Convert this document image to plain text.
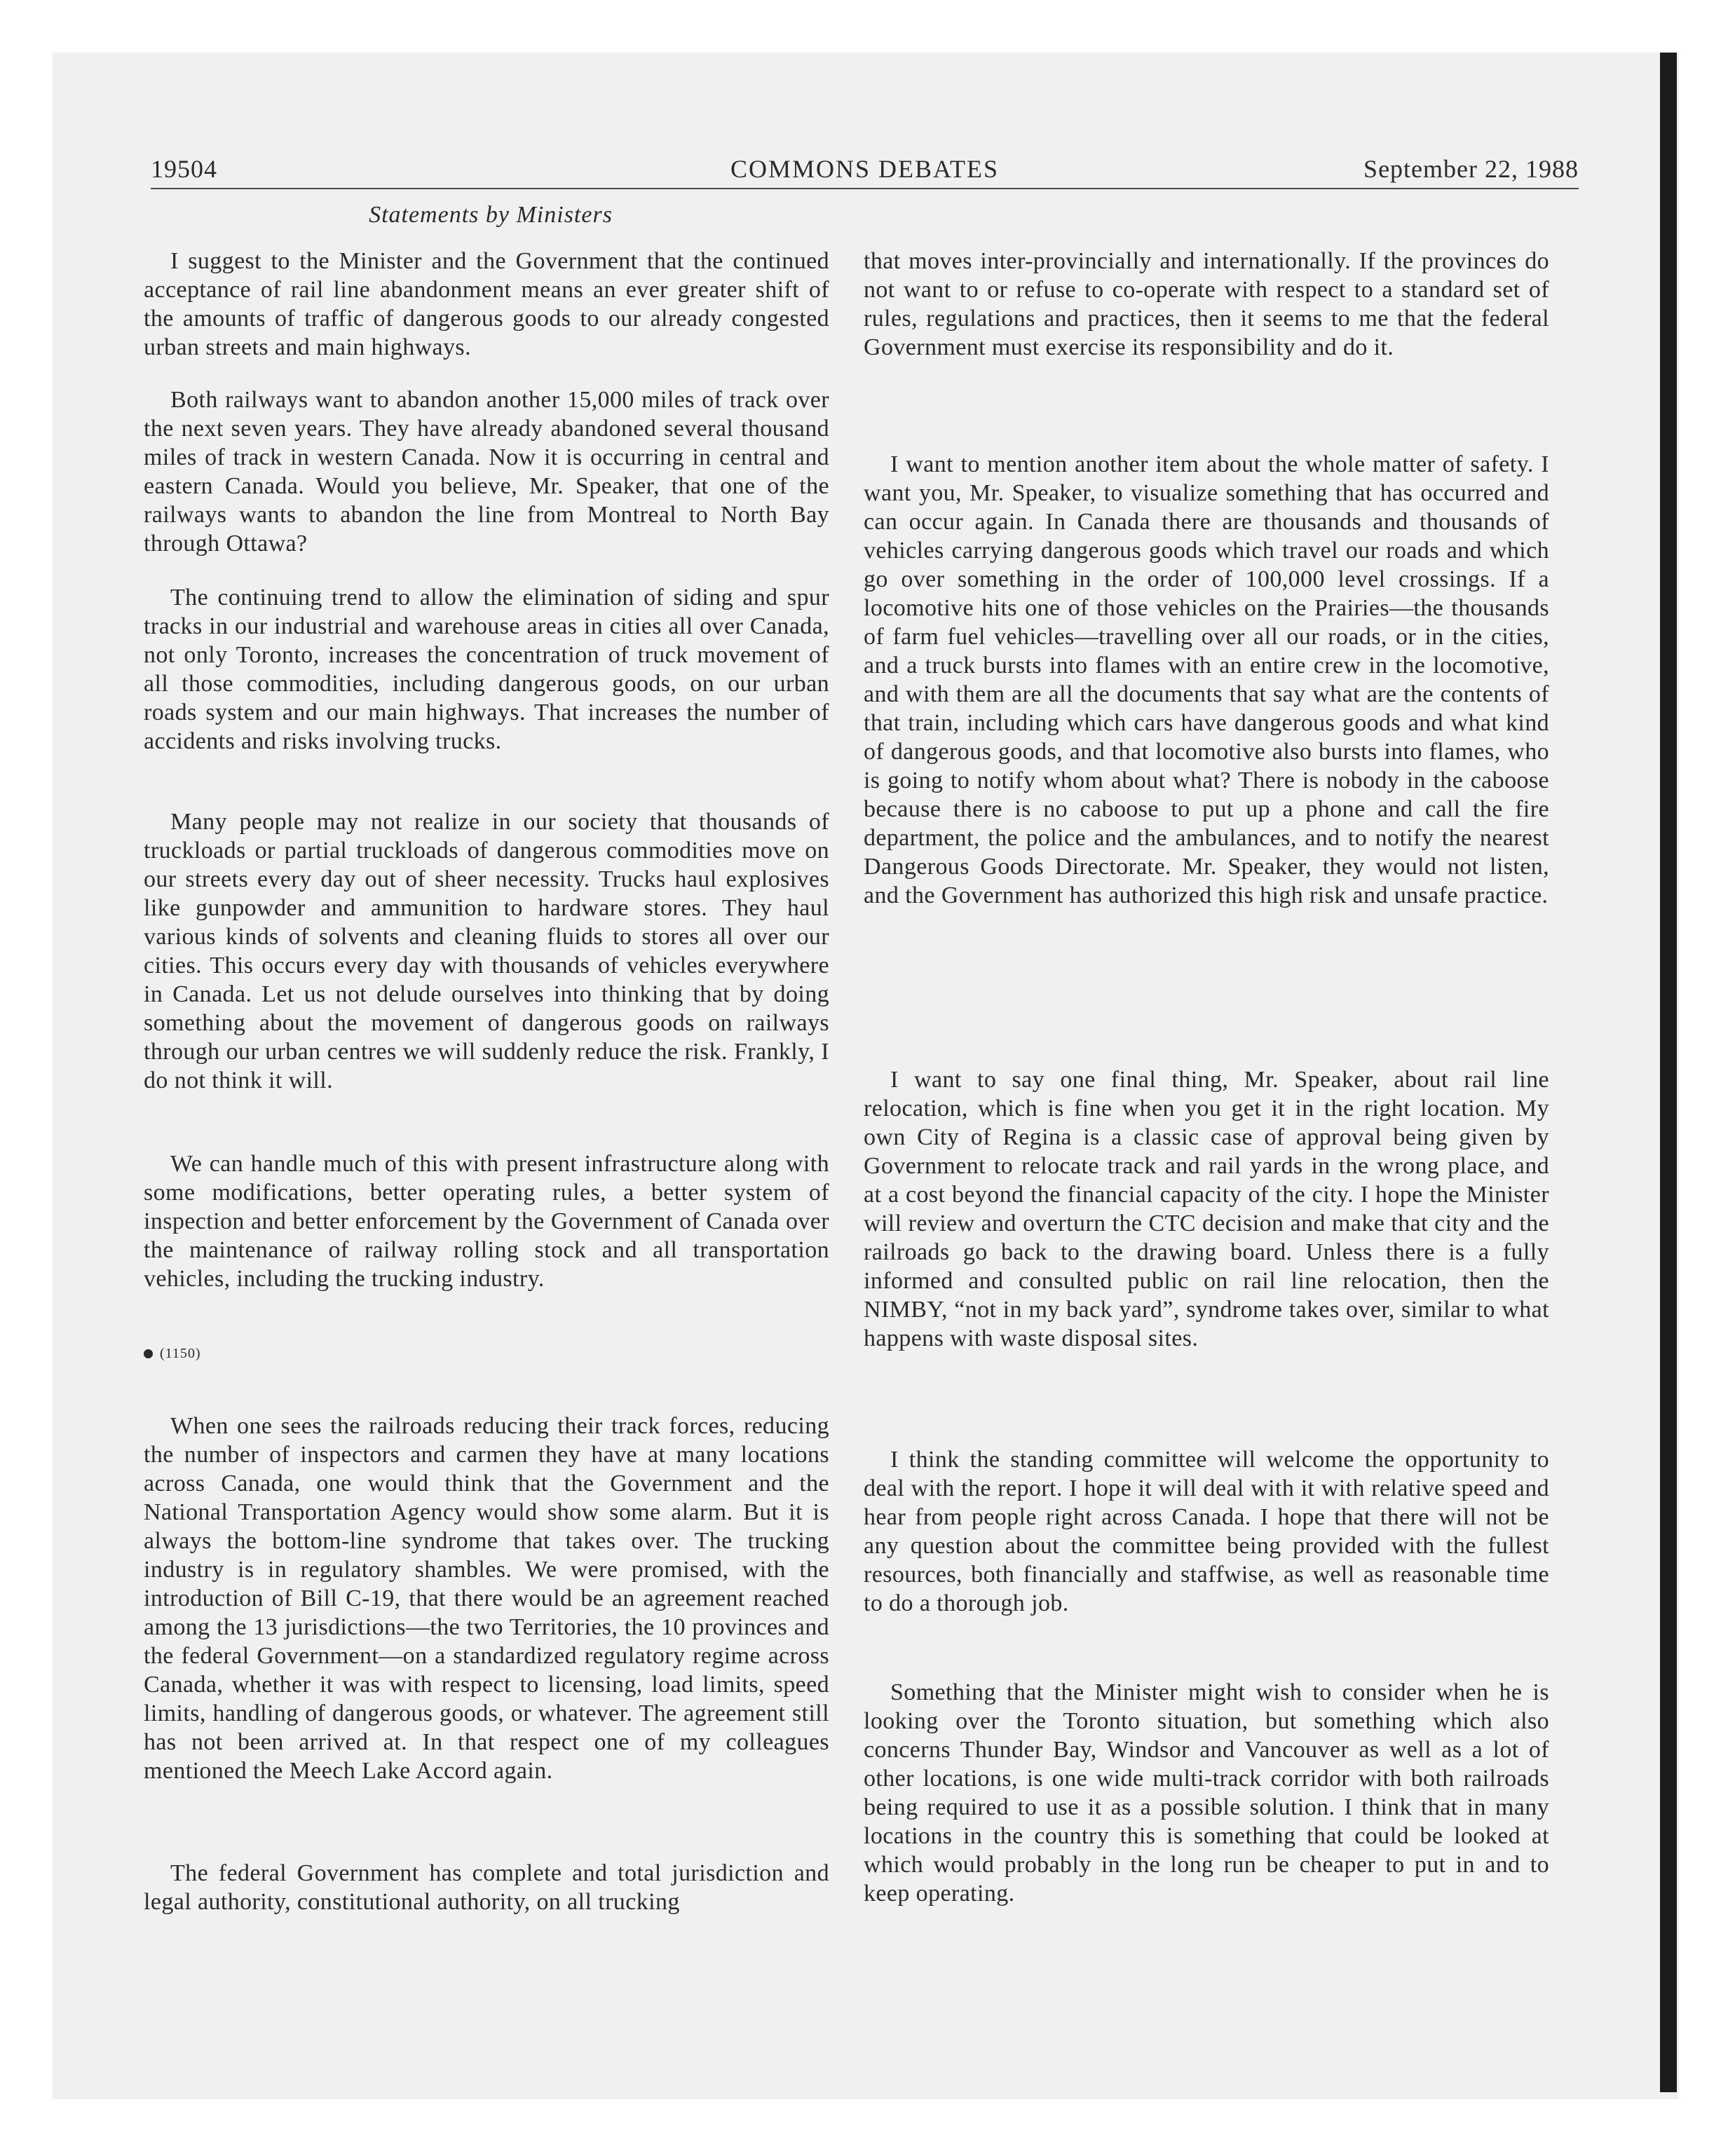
19504	COMMONS DEBATES	September 22, 1988
Statements by Ministers

I suggest to the Minister and the Government that the continued acceptance of rail line abandonment means an ever greater shift of the amounts of traffic of dangerous goods to our already congested urban streets and main highways.

Both railways want to abandon another 15,000 miles of track over the next seven years. They have already abandoned several thousand miles of track in western Canada. Now it is occurring in central and eastern Canada. Would you believe, Mr. Speaker, that one of the railways wants to abandon the line from Montreal to North Bay through Ottawa?

The continuing trend to allow the elimination of siding and spur tracks in our industrial and warehouse areas in cities all over Canada, not only Toronto, increases the concentration of truck movement of all those commodities, including dangerous goods, on our urban roads system and our main highways. That increases the number of accidents and risks involving trucks.

Many people may not realize in our society that thousands of truckloads or partial truckloads of dangerous commodities move on our streets every day out of sheer necessity. Trucks haul explosives like gunpowder and ammunition to hardware stores. They haul various kinds of solvents and cleaning fluids to stores all over our cities. This occurs every day with thousands of vehicles everywhere in Canada. Let us not delude ourselves into thinking that by doing something about the movement of dangerous goods on railways through our urban centres we will suddenly reduce the risk. Frankly, I do not think it will.

We can handle much of this with present infrastructure along with some modifications, better operating rules, a better system of inspection and better enforcement by the Government of Canada over the maintenance of railway rolling stock and all transportation vehicles, including the trucking industry.

(1150)

When one sees the railroads reducing their track forces, reducing the number of inspectors and carmen they have at many locations across Canada, one would think that the Government and the National Transportation Agency would show some alarm. But it is always the bottom-line syndrome that takes over. The trucking industry is in regulatory shambles. We were promised, with the introduction of Bill C-19, that there would be an agreement reached among the 13 jurisdictions—the two Territories, the 10 provinces and the federal Government—on a standardized regulatory regime across Canada, whether it was with respect to licensing, load limits, speed limits, handling of dangerous goods, or whatever. The agreement still has not been arrived at. In that respect one of my colleagues mentioned the Meech Lake Accord again.

The federal Government has complete and total jurisdiction and legal authority, constitutional authority, on all trucking

that moves inter-provincially and internationally. If the provinces do not want to or refuse to co-operate with respect to a standard set of rules, regulations and practices, then it seems to me that the federal Government must exercise its responsibility and do it.

I want to mention another item about the whole matter of safety. I want you, Mr. Speaker, to visualize something that has occurred and can occur again. In Canada there are thousands and thousands of vehicles carrying dangerous goods which travel our roads and which go over something in the order of 100,000 level crossings. If a locomotive hits one of those vehicles on the Prairies—the thousands of farm fuel vehicles—travelling over all our roads, or in the cities, and a truck bursts into flames with an entire crew in the locomotive, and with them are all the documents that say what are the contents of that train, including which cars have dangerous goods and what kind of dangerous goods, and that locomotive also bursts into flames, who is going to notify whom about what? There is nobody in the caboose because there is no caboose to put up a phone and call the fire department, the police and the ambulances, and to notify the nearest Dangerous Goods Directorate. Mr. Speaker, they would not listen, and the Government has authorized this high risk and unsafe practice.

I want to say one final thing, Mr. Speaker, about rail line relocation, which is fine when you get it in the right location. My own City of Regina is a classic case of approval being given by Government to relocate track and rail yards in the wrong place, and at a cost beyond the financial capacity of the city. I hope the Minister will review and overturn the CTC decision and make that city and the railroads go back to the drawing board. Unless there is a fully informed and consulted public on rail line relocation, then the NIMBY, “not in my back yard”, syndrome takes over, similar to what happens with waste disposal sites.

I think the standing committee will welcome the opportunity to deal with the report. I hope it will deal with it with relative speed and hear from people right across Canada. I hope that there will not be any question about the committee being provided with the fullest resources, both financially and staffwise, as well as reasonable time to do a thorough job.

Something that the Minister might wish to consider when he is looking over the Toronto situation, but something which also concerns Thunder Bay, Windsor and Vancouver as well as a lot of other locations, is one wide multi-track corridor with both railroads being required to use it as a possible solution. I think that in many locations in the country this is something that could be looked at which would probably in the long run be cheaper to put in and to keep operating.
